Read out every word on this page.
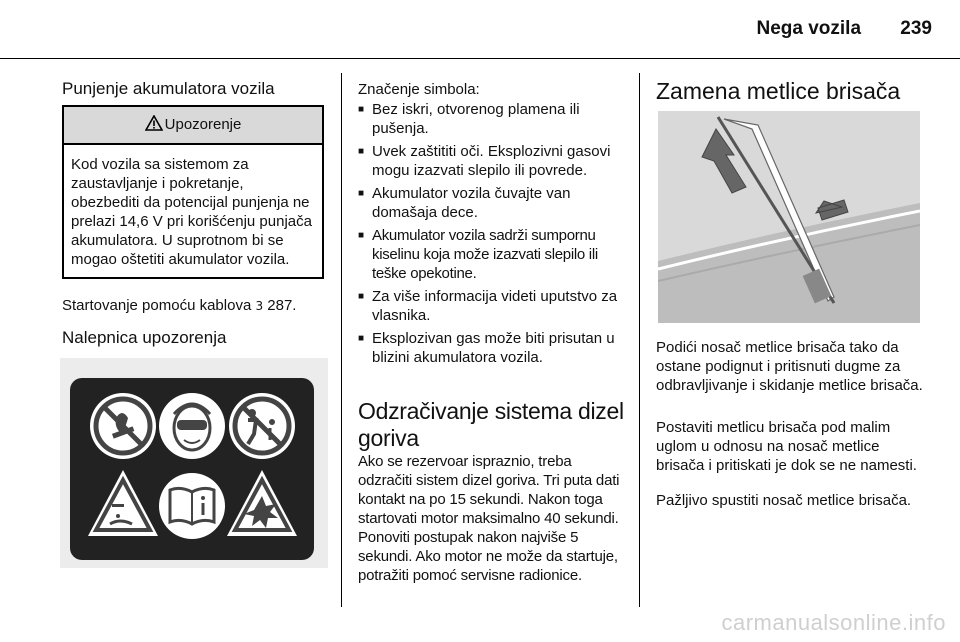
Nega vozila 239
Punjenje akumulatora vozila
Upozorenje
Kod vozila sa sistemom za zaustavljanje i pokretanje, obezbediti da potencijal punjenja ne prelazi 14,6 V pri korišćenju punjača akumulatora. U suprotnom bi se mogao oštetiti akumulator vozila.

Startovanje pomoću kablova 3 287.

Nalepnica upozorenja

Značenje simbola:

■ Bez iskri, otvorenog plamena ili pušenja.
■ Uvek zaštititi oči. Eksplozivni gasovi mogu izazvati slepilo ili povrede.
■ Akumulator vozila čuvajte van domašaja dece.
■ Akumulator vozila sadrži sumpornu kiselinu koja može izazvati slepilo ili teške opekotine.
■ Za više informacija videti uputstvo za vlasnika.
■ Eksplozivan gas može biti prisutan u blizini akumulatora vozila.
Odzračivanje sistema dizel goriva

Ako se rezervoar ispraznio, treba odzračiti sistem dizel goriva. Tri puta dati kontakt na po 15 sekundi. Nakon toga startovati motor maksimalno 40 sekundi. Ponoviti postupak nakon najviše 5 sekundi. Ako motor ne može da startuje, potražiti pomoć servisne radionice.

Zamena metlice brisača

Podići nosač metlice brisača tako da ostane podignut i pritisnuti dugme za odbravljivanje i skidanje metlice brisača.

Postaviti metlicu brisača pod malim uglom u odnosu na nosač metlice brisača i pritiskati je dok se ne namesti.

Pažljivo spustiti nosač metlice brisača.

carmanualsonline.info
